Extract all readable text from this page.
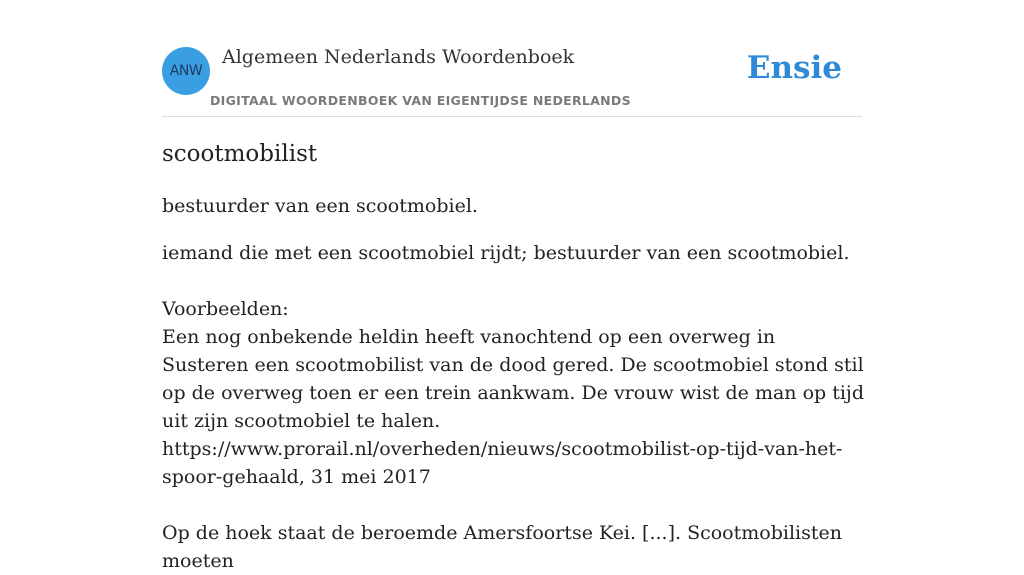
ANW
Algemeen Nederlands Woordenboek
DIGITAAL WOORDENBOEK VAN EIGENTIJDSE NEDERLANDS
Ensie
scootmobilist

bestuurder van een scootmobiel.

iemand die met een scootmobiel rijdt; bestuurder van een scootmobiel.

Voorbeelden:

Een nog onbekende heldin heeft vanochtend op een overweg in Susteren een scootmobilist van de dood gered. De scootmobiel stond stil op de overweg toen er een trein aankwam. De vrouw wist de man op tijd uit zijn scootmobiel te halen.

https://www.prorail.nl/overheden/nieuws/scootmobilist-op-tijd-van-het-spoor-gehaald, 31 mei 2017

Op de hoek staat de beroemde Amersfoortse Kei. [...]. Scootmobilisten moeten
